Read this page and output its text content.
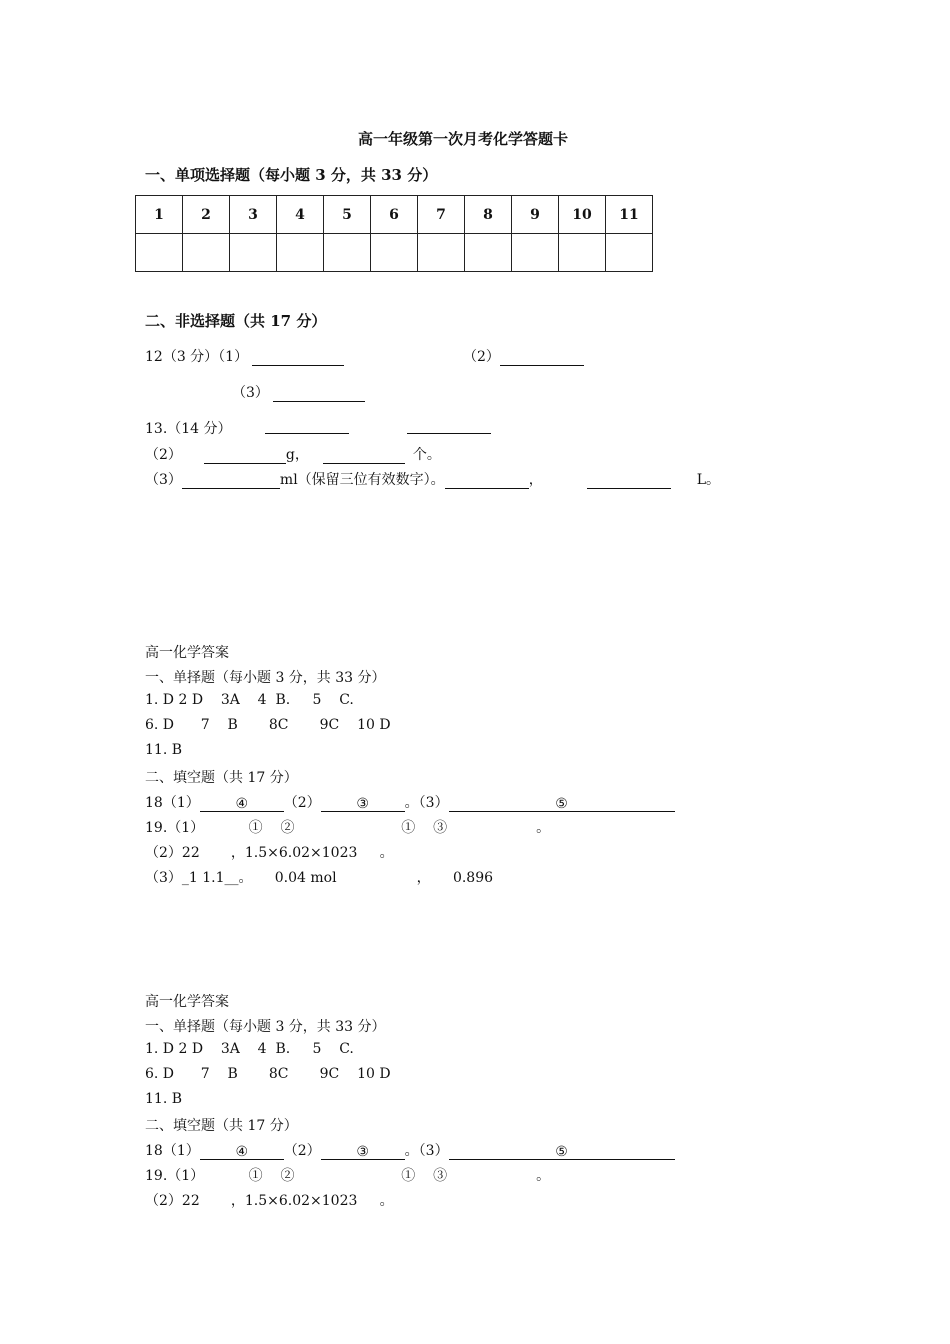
高一年级第一次月考化学答题卡
一、单项选择题（每小题 3 分，共 33 分）
1	2	3	4	5	6	7	8	9	10	11

二、非选择题（共 17 分）
12（3 分）（1）	（2）
（3）
13.（14 分）
（2）	g，	个。
（3）	ml（保留三位有效数字）。	，	L。
高一化学答案
一、单择题（每小题 3 分，共 33 分）
1. D 2 D    3A    4  B.     5    C.
6. D      7    B       8C       9C    10 D
11. B
二、填空题（共 17 分）
18（1）	④	（2）	③	。（3）	⑤
19.（1）          ①    ②                        ①    ③                    。
（2）22       ，1.5×6.02×1023     。
（3）_1 1.1__。     0.04 mol                  ，     0.896
高一化学答案
一、单择题（每小题 3 分，共 33 分）
1. D 2 D    3A    4  B.     5    C.
6. D      7    B       8C       9C    10 D
11. B
二、填空题（共 17 分）
18（1）	④	（2）	③	。（3）	⑤
19.（1）          ①    ②                        ①    ③                    。
（2）22       ，1.5×6.02×1023     。
